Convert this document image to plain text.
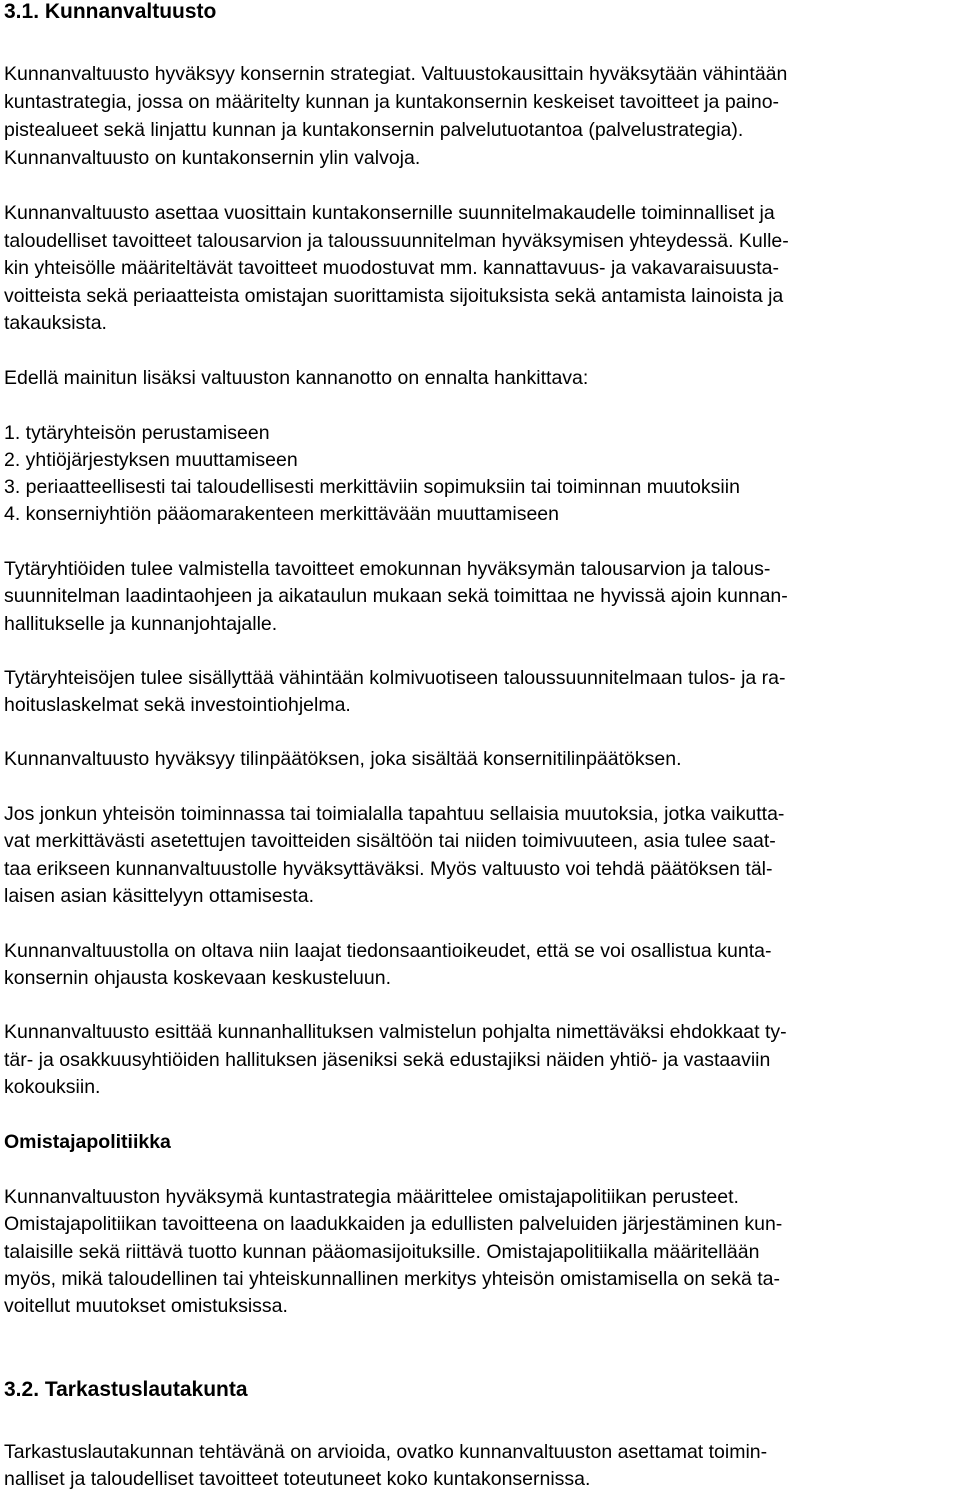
3.1. Kunnanvaltuusto
Kunnanvaltuusto hyväksyy konsernin strategiat. Valtuustokausittain hyväksytään vähintään
kuntastrategia, jossa on määritelty kunnan ja kuntakonsernin keskeiset tavoitteet ja paino-
pistealueet sekä linjattu kunnan ja kuntakonsernin palvelutuotantoa (palvelustrategia).
Kunnanvaltuusto on kuntakonsernin ylin valvoja.
Kunnanvaltuusto asettaa vuosittain kuntakonsernille suunnitelmakaudelle toiminnalliset ja
taloudelliset tavoitteet talousarvion ja taloussuunnitelman hyväksymisen yhteydessä. Kulle-
kin yhteisölle määriteltävät tavoitteet muodostuvat mm. kannattavuus- ja vakavaraisuusta-
voitteista sekä periaatteista omistajan suorittamista sijoituksista sekä antamista lainoista ja
takauksista.
Edellä mainitun lisäksi valtuuston kannanotto on ennalta hankittava:
1. tytäryhteisön perustamiseen
2. yhtiöjärjestyksen muuttamiseen
3. periaatteellisesti tai taloudellisesti merkittäviin sopimuksiin tai toiminnan muutoksiin
4. konserniyhtiön pääomarakenteen merkittävään muuttamiseen
Tytäryhtiöiden tulee valmistella tavoitteet emokunnan hyväksymän talousarvion ja talous-
suunnitelman laadintaohjeen ja aikataulun mukaan sekä toimittaa ne hyvissä ajoin kunnan-
hallitukselle ja kunnanjohtajalle.
Tytäryhteisöjen tulee sisällyttää vähintään kolmivuotiseen taloussuunnitelmaan tulos- ja ra-
hoituslaskelmat sekä investointiohjelma.
Kunnanvaltuusto hyväksyy tilinpäätöksen, joka sisältää konsernitilinpäätöksen.
Jos jonkun yhteisön toiminnassa tai toimialalla tapahtuu sellaisia muutoksia, jotka vaikutta-
vat merkittävästi asetettujen tavoitteiden sisältöön tai niiden toimivuuteen, asia tulee saat-
taa erikseen kunnanvaltuustolle hyväksyttäväksi. Myös valtuusto voi tehdä päätöksen täl-
laisen asian käsittelyyn ottamisesta.
Kunnanvaltuustolla on oltava niin laajat tiedonsaantioikeudet, että se voi osallistua kunta-
konsernin ohjausta koskevaan keskusteluun.
Kunnanvaltuusto esittää kunnanhallituksen valmistelun pohjalta nimettäväksi ehdokkaat ty-
tär- ja osakkuusyhtiöiden hallituksen jäseniksi sekä edustajiksi näiden yhtiö- ja vastaaviin
kokouksiin.
Omistajapolitiikka
Kunnanvaltuuston hyväksymä kuntastrategia määrittelee omistajapolitiikan perusteet.
Omistajapolitiikan tavoitteena on laadukkaiden ja edullisten palveluiden järjestäminen kun-
talaisille sekä riittävä tuotto kunnan pääomasijoituksille. Omistajapolitiikalla määritellään
myös, mikä taloudellinen tai yhteiskunnallinen merkitys yhteisön omistamisella on sekä ta-
voitellut muutokset omistuksissa.
3.2. Tarkastuslautakunta
Tarkastuslautakunnan tehtävänä on arvioida, ovatko kunnanvaltuuston asettamat toimin-
nalliset ja taloudelliset tavoitteet toteutuneet koko kuntakonsernissa.
